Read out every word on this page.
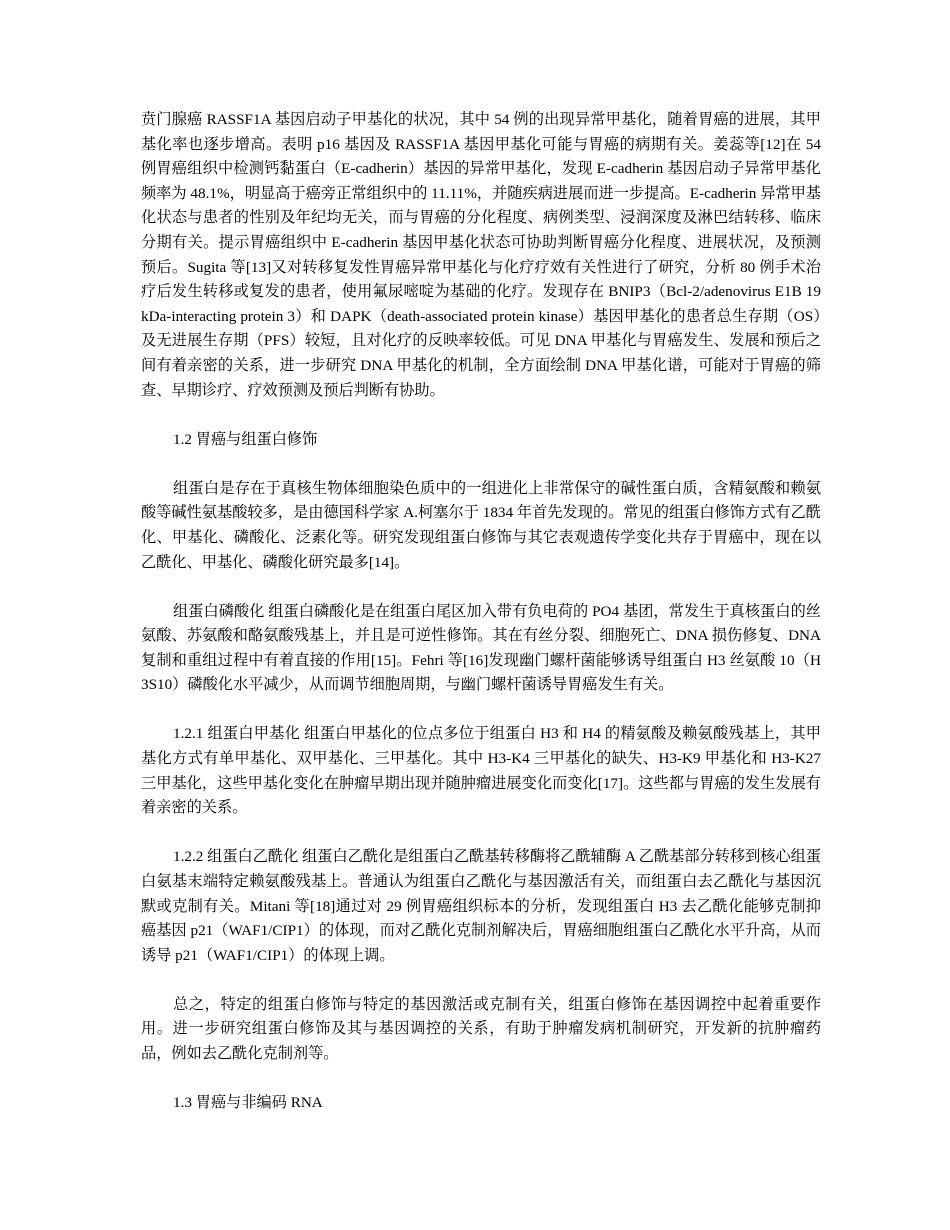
贲门腺癌 RASSF1A 基因启动子甲基化的状况，其中 54 例的出现异常甲基化，随着胃癌的进展，其甲基化率也逐步增高。表明 p16 基因及 RASSF1A 基因甲基化可能与胃癌的病期有关。姜蕊等[12]在 54 例胃癌组织中检测钙黏蛋白（E-cadherin）基因的异常甲基化，发现 E-cadherin 基因启动子异常甲基化频率为 48.1%，明显高于癌旁正常组织中的 11.11%，并随疾病进展而进一步提高。E-cadherin 异常甲基化状态与患者的性别及年纪均无关，而与胃癌的分化程度、病例类型、浸润深度及淋巴结转移、临床分期有关。提示胃癌组织中 E-cadherin 基因甲基化状态可协助判断胃癌分化程度、进展状况，及预测预后。Sugita 等[13]又对转移复发性胃癌异常甲基化与化疗疗效有关性进行了研究，分析 80 例手术治疗后发生转移或复发的患者，使用氟尿嘧啶为基础的化疗。发现存在 BNIP3（Bcl-2/adenovirus E1B 19 kDa-interacting protein 3）和 DAPK（death-associated protein kinase）基因甲基化的患者总生存期（OS）及无进展生存期（PFS）较短，且对化疗的反映率较低。可见 DNA 甲基化与胃癌发生、发展和预后之间有着亲密的关系，进一步研究 DNA 甲基化的机制，全方面绘制 DNA 甲基化谱，可能对于胃癌的筛查、早期诊疗、疗效预测及预后判断有协助。

1.2 胃癌与组蛋白修饰

组蛋白是存在于真核生物体细胞染色质中的一组进化上非常保守的碱性蛋白质，含精氨酸和赖氨酸等碱性氨基酸较多，是由德国科学家 A.柯塞尔于 1834 年首先发现的。常见的组蛋白修饰方式有乙酰化、甲基化、磷酸化、泛素化等。研究发现组蛋白修饰与其它表观遗传学变化共存于胃癌中，现在以乙酰化、甲基化、磷酸化研究最多[14]。

组蛋白磷酸化 组蛋白磷酸化是在组蛋白尾区加入带有负电荷的 PO4 基团，常发生于真核蛋白的丝氨酸、苏氨酸和酪氨酸残基上，并且是可逆性修饰。其在有丝分裂、细胞死亡、DNA 损伤修复、DNA 复制和重组过程中有着直接的作用[15]。Fehri 等[16]发现幽门螺杆菌能够诱导组蛋白 H3 丝氨酸 10（H3S10）磷酸化水平减少，从而调节细胞周期，与幽门螺杆菌诱导胃癌发生有关。

1.2.1 组蛋白甲基化 组蛋白甲基化的位点多位于组蛋白 H3 和 H4 的精氨酸及赖氨酸残基上，其甲基化方式有单甲基化、双甲基化、三甲基化。其中 H3-K4 三甲基化的缺失、H3-K9 甲基化和 H3-K27 三甲基化，这些甲基化变化在肿瘤早期出现并随肿瘤进展变化而变化[17]。这些都与胃癌的发生发展有着亲密的关系。

1.2.2 组蛋白乙酰化 组蛋白乙酰化是组蛋白乙酰基转移酶将乙酰辅酶 A 乙酰基部分转移到核心组蛋白氨基末端特定赖氨酸残基上。普通认为组蛋白乙酰化与基因激活有关，而组蛋白去乙酰化与基因沉默或克制有关。Mitani 等[18]通过对 29 例胃癌组织标本的分析，发现组蛋白 H3 去乙酰化能够克制抑癌基因 p21（WAF1/CIP1）的体现，而对乙酰化克制剂解决后，胃癌细胞组蛋白乙酰化水平升高，从而诱导 p21（WAF1/CIP1）的体现上调。

总之，特定的组蛋白修饰与特定的基因激活或克制有关，组蛋白修饰在基因调控中起着重要作用。进一步研究组蛋白修饰及其与基因调控的关系，有助于肿瘤发病机制研究，开发新的抗肿瘤药品，例如去乙酰化克制剂等。

1.3 胃癌与非编码 RNA
